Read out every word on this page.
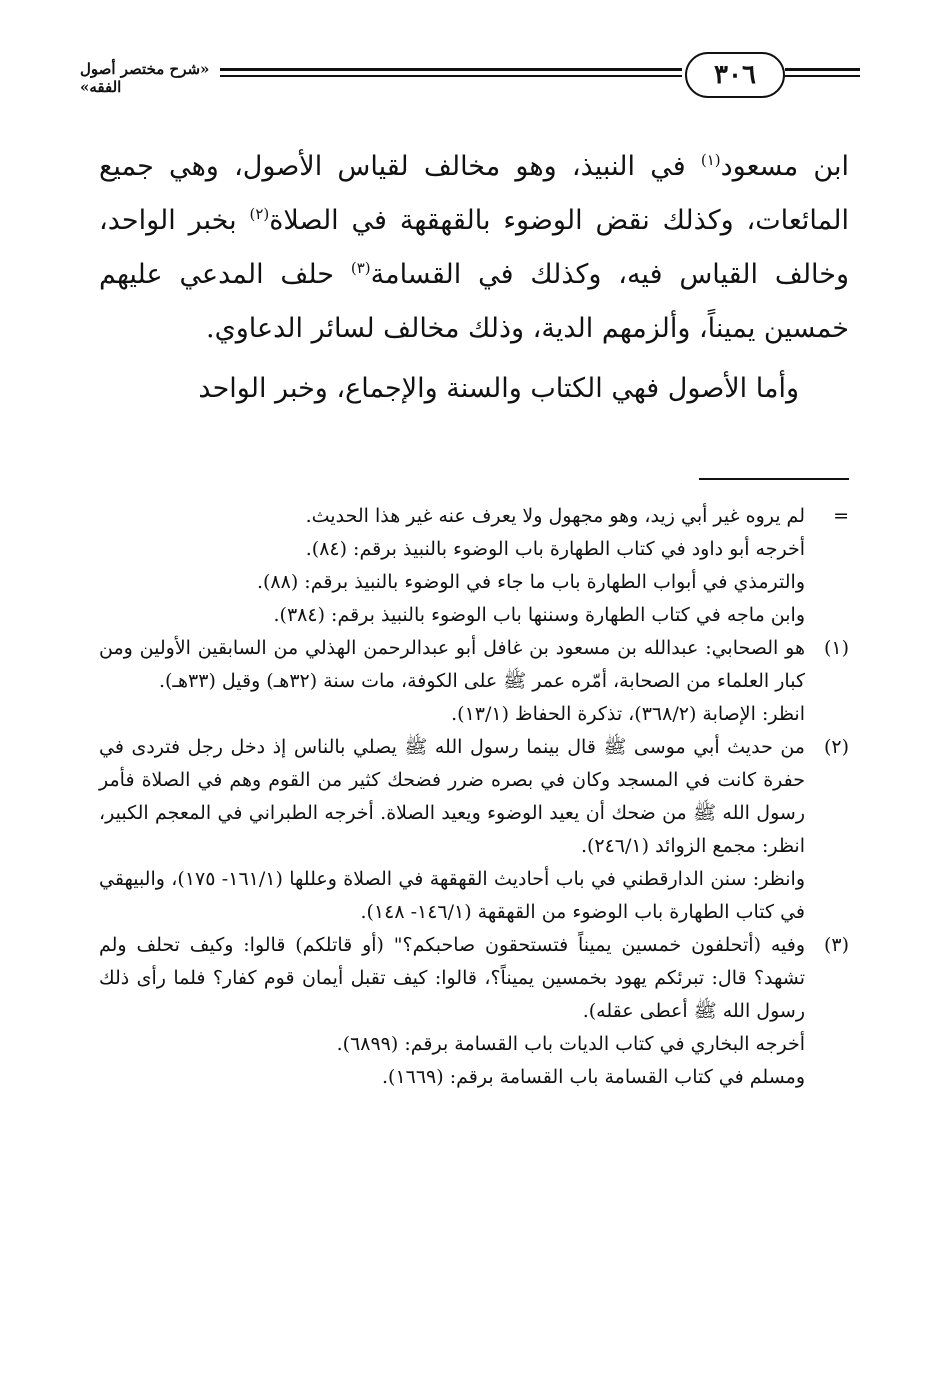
٣٠٦
«شرح مختصر أصول الفقه»

ابن مسعود$^{(١)}$ في النبيذ، وهو مخالف لقياس الأصول، وهي جميع المائعات، وكذلك نقض الوضوء بالقهقهة في الصلاة$^{(٢)}$ بخبر الواحد، وخالف القياس فيه، وكذلك في القسامة$^{(٣)}$ حلف المدعي عليهم خمسين يميناً، وألزمهم الدية، وذلك مخالف لسائر الدعاوي.

وأما الأصول فهي الكتاب والسنة والإجماع، وخبر الواحد

=
لم يروه غير أبي زيد، وهو مجهول ولا يعرف عنه غير هذا الحديث.
أخرجه أبو داود في كتاب الطهارة باب الوضوء بالنبيذ برقم: (٨٤).
والترمذي في أبواب الطهارة باب ما جاء في الوضوء بالنبيذ برقم: (٨٨).
وابن ماجه في كتاب الطهارة وسننها باب الوضوء بالنبيذ برقم: (٣٨٤).
(١)
هو الصحابي: عبدالله بن مسعود بن غافل أبو عبدالرحمن الهذلي من السابقين الأولين ومن كبار العلماء من الصحابة، أمّره عمر ﷺ على الكوفة، مات سنة (٣٢هـ) وقيل (٣٣هـ).
انظر: الإصابة (٣٦٨/٢)، تذكرة الحفاظ (١٣/١).
(٢)
من حديث أبي موسى ﷺ قال بينما رسول الله ﷺ يصلي بالناس إذ دخل رجل فتردى في حفرة كانت في المسجد وكان في بصره ضرر فضحك كثير من القوم وهم في الصلاة فأمر رسول الله ﷺ من ضحك أن يعيد الوضوء ويعيد الصلاة. أخرجه الطبراني في المعجم الكبير، انظر: مجمع الزوائد (٢٤٦/١).
وانظر: سنن الدارقطني في باب أحاديث القهقهة في الصلاة وعللها (١٦١/١- ١٧٥)، والبيهقي في كتاب الطهارة باب الوضوء من القهقهة (١٤٦/١- ١٤٨).
(٣)
وفيه (أتحلفون خمسين يميناً فتستحقون صاحبكم؟" (أو قاتلكم) قالوا: وكيف تحلف ولم تشهد؟ قال: تبرئكم يهود بخمسين يميناً؟، قالوا: كيف تقبل أيمان قوم كفار؟ فلما رأى ذلك رسول الله ﷺ أعطى عقله).
أخرجه البخاري في كتاب الديات باب القسامة برقم: (٦٨٩٩).
ومسلم في كتاب القسامة باب القسامة برقم: (١٦٦٩).
